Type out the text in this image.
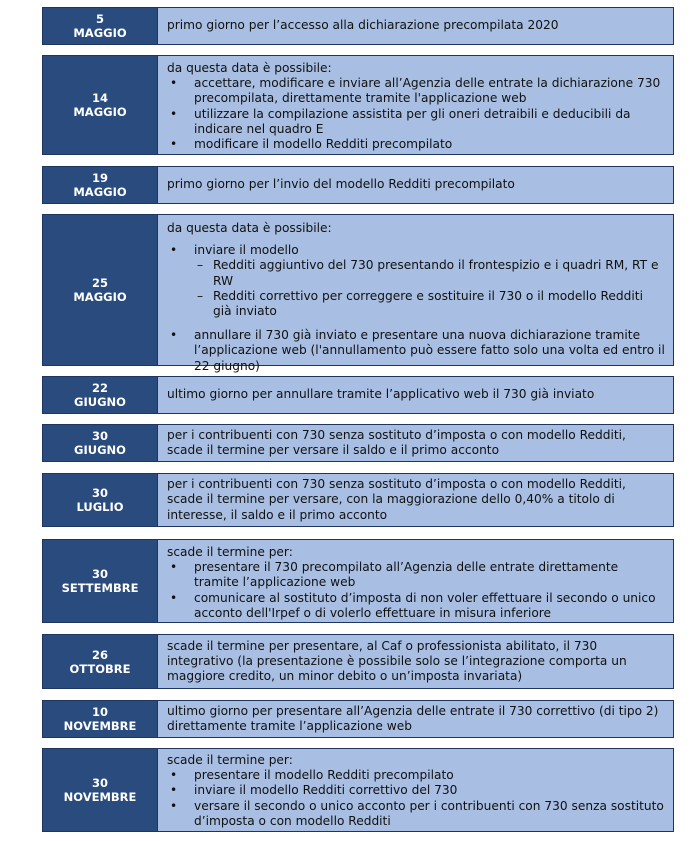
5
MAGGIO

primo giorno per l’accesso alla dichiarazione precompilata 2020

14
MAGGIO

da questa data è possibile:

• accettare, modificare e inviare all’Agenzia delle entrate la dichiarazione 730 precompilata, direttamente tramite l'applicazione web
• utilizzare la compilazione assistita per gli oneri detraibili e deducibili da indicare nel quadro E
• modificare il modello Redditi precompilato
19
MAGGIO

primo giorno per l’invio del modello Redditi precompilato

25
MAGGIO

da questa data è possibile:

• inviare il modello
– Redditi aggiuntivo del 730 presentando il frontespizio e i quadri RM, RT e RW
– Redditi correttivo per correggere e sostituire il 730 o il modello Redditi già inviato
• annullare il 730 già inviato e presentare una nuova dichiarazione tramite l’applicazione web (l'annullamento può essere fatto solo una volta ed entro il 22 giugno)
22
GIUGNO

ultimo giorno per annullare tramite l’applicativo web il 730 già inviato

30
GIUGNO

per i contribuenti con 730 senza sostituto d’imposta o con modello Redditi, scade il termine per versare il saldo e il primo acconto

30
LUGLIO

per i contribuenti con 730 senza sostituto d’imposta o con modello Redditi, scade il termine per versare, con la maggiorazione dello 0,40% a titolo di interesse, il saldo e il primo acconto

30
SETTEMBRE

scade il termine per:

• presentare il 730 precompilato all’Agenzia delle entrate direttamente tramite l’applicazione web
• comunicare al sostituto d’imposta di non voler effettuare il secondo o unico acconto dell'Irpef o di volerlo effettuare in misura inferiore
26
OTTOBRE

scade il termine per presentare, al Caf o professionista abilitato, il 730 integrativo (la presentazione è possibile solo se l’integrazione comporta un maggiore credito, un minor debito o un’imposta invariata)

10
NOVEMBRE

ultimo giorno per presentare all’Agenzia delle entrate il 730 correttivo (di tipo 2) direttamente tramite l’applicazione web

30
NOVEMBRE

scade il termine per:

• presentare il modello Redditi precompilato
• inviare il modello Redditi correttivo del 730
• versare il secondo o unico acconto per i contribuenti con 730 senza sostituto d’imposta o con modello Redditi
